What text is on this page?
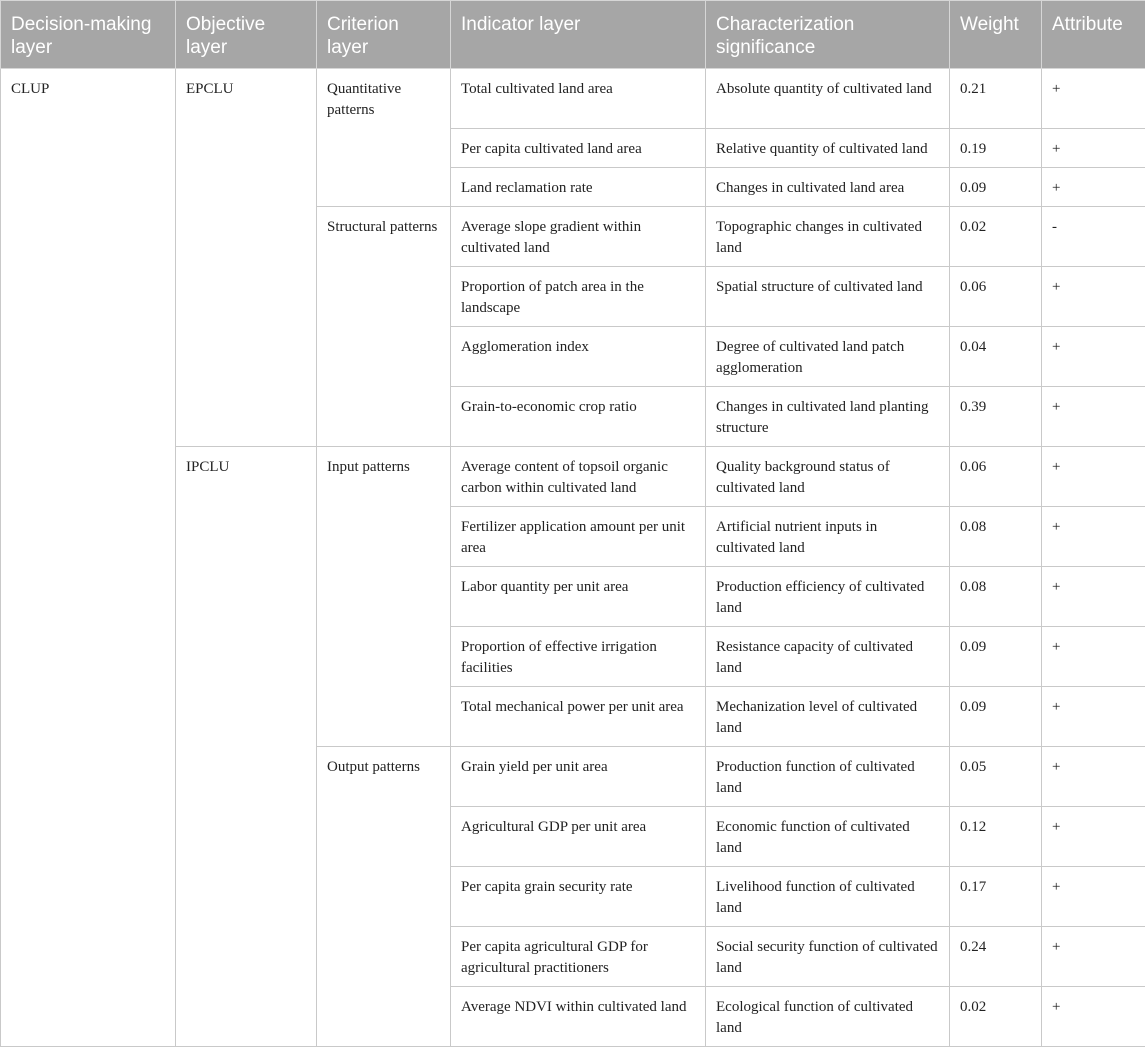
Decision-making layer	Objective layer	Criterion layer	Indicator layer	Characterization significance	Weight	Attribute
CLUP	EPCLU	Quantitative patterns	Total cultivated land area	Absolute quantity of cultivated land	0.21	+
			Per capita cultivated land area	Relative quantity of cultivated land	0.19	+
			Land reclamation rate	Changes in cultivated land area	0.09	+
		Structural patterns	Average slope gradient within cultivated land	Topographic changes in cultivated land	0.02	-
			Proportion of patch area in the landscape	Spatial structure of cultivated land	0.06	+
			Agglomeration index	Degree of cultivated land patch agglomeration	0.04	+
			Grain-to-economic crop ratio	Changes in cultivated land planting structure	0.39	+
	IPCLU	Input patterns	Average content of topsoil organic carbon within cultivated land	Quality background status of cultivated land	0.06	+
			Fertilizer application amount per unit area	Artificial nutrient inputs in cultivated land	0.08	+
			Labor quantity per unit area	Production efficiency of cultivated land	0.08	+
			Proportion of effective irrigation facilities	Resistance capacity of cultivated land	0.09	+
			Total mechanical power per unit area	Mechanization level of cultivated land	0.09	+
		Output patterns	Grain yield per unit area	Production function of cultivated land	0.05	+
			Agricultural GDP per unit area	Economic function of cultivated land	0.12	+
			Per capita grain security rate	Livelihood function of cultivated land	0.17	+
			Per capita agricultural GDP for agricultural practitioners	Social security function of cultivated land	0.24	+
			Average NDVI within cultivated land	Ecological function of cultivated land	0.02	+
